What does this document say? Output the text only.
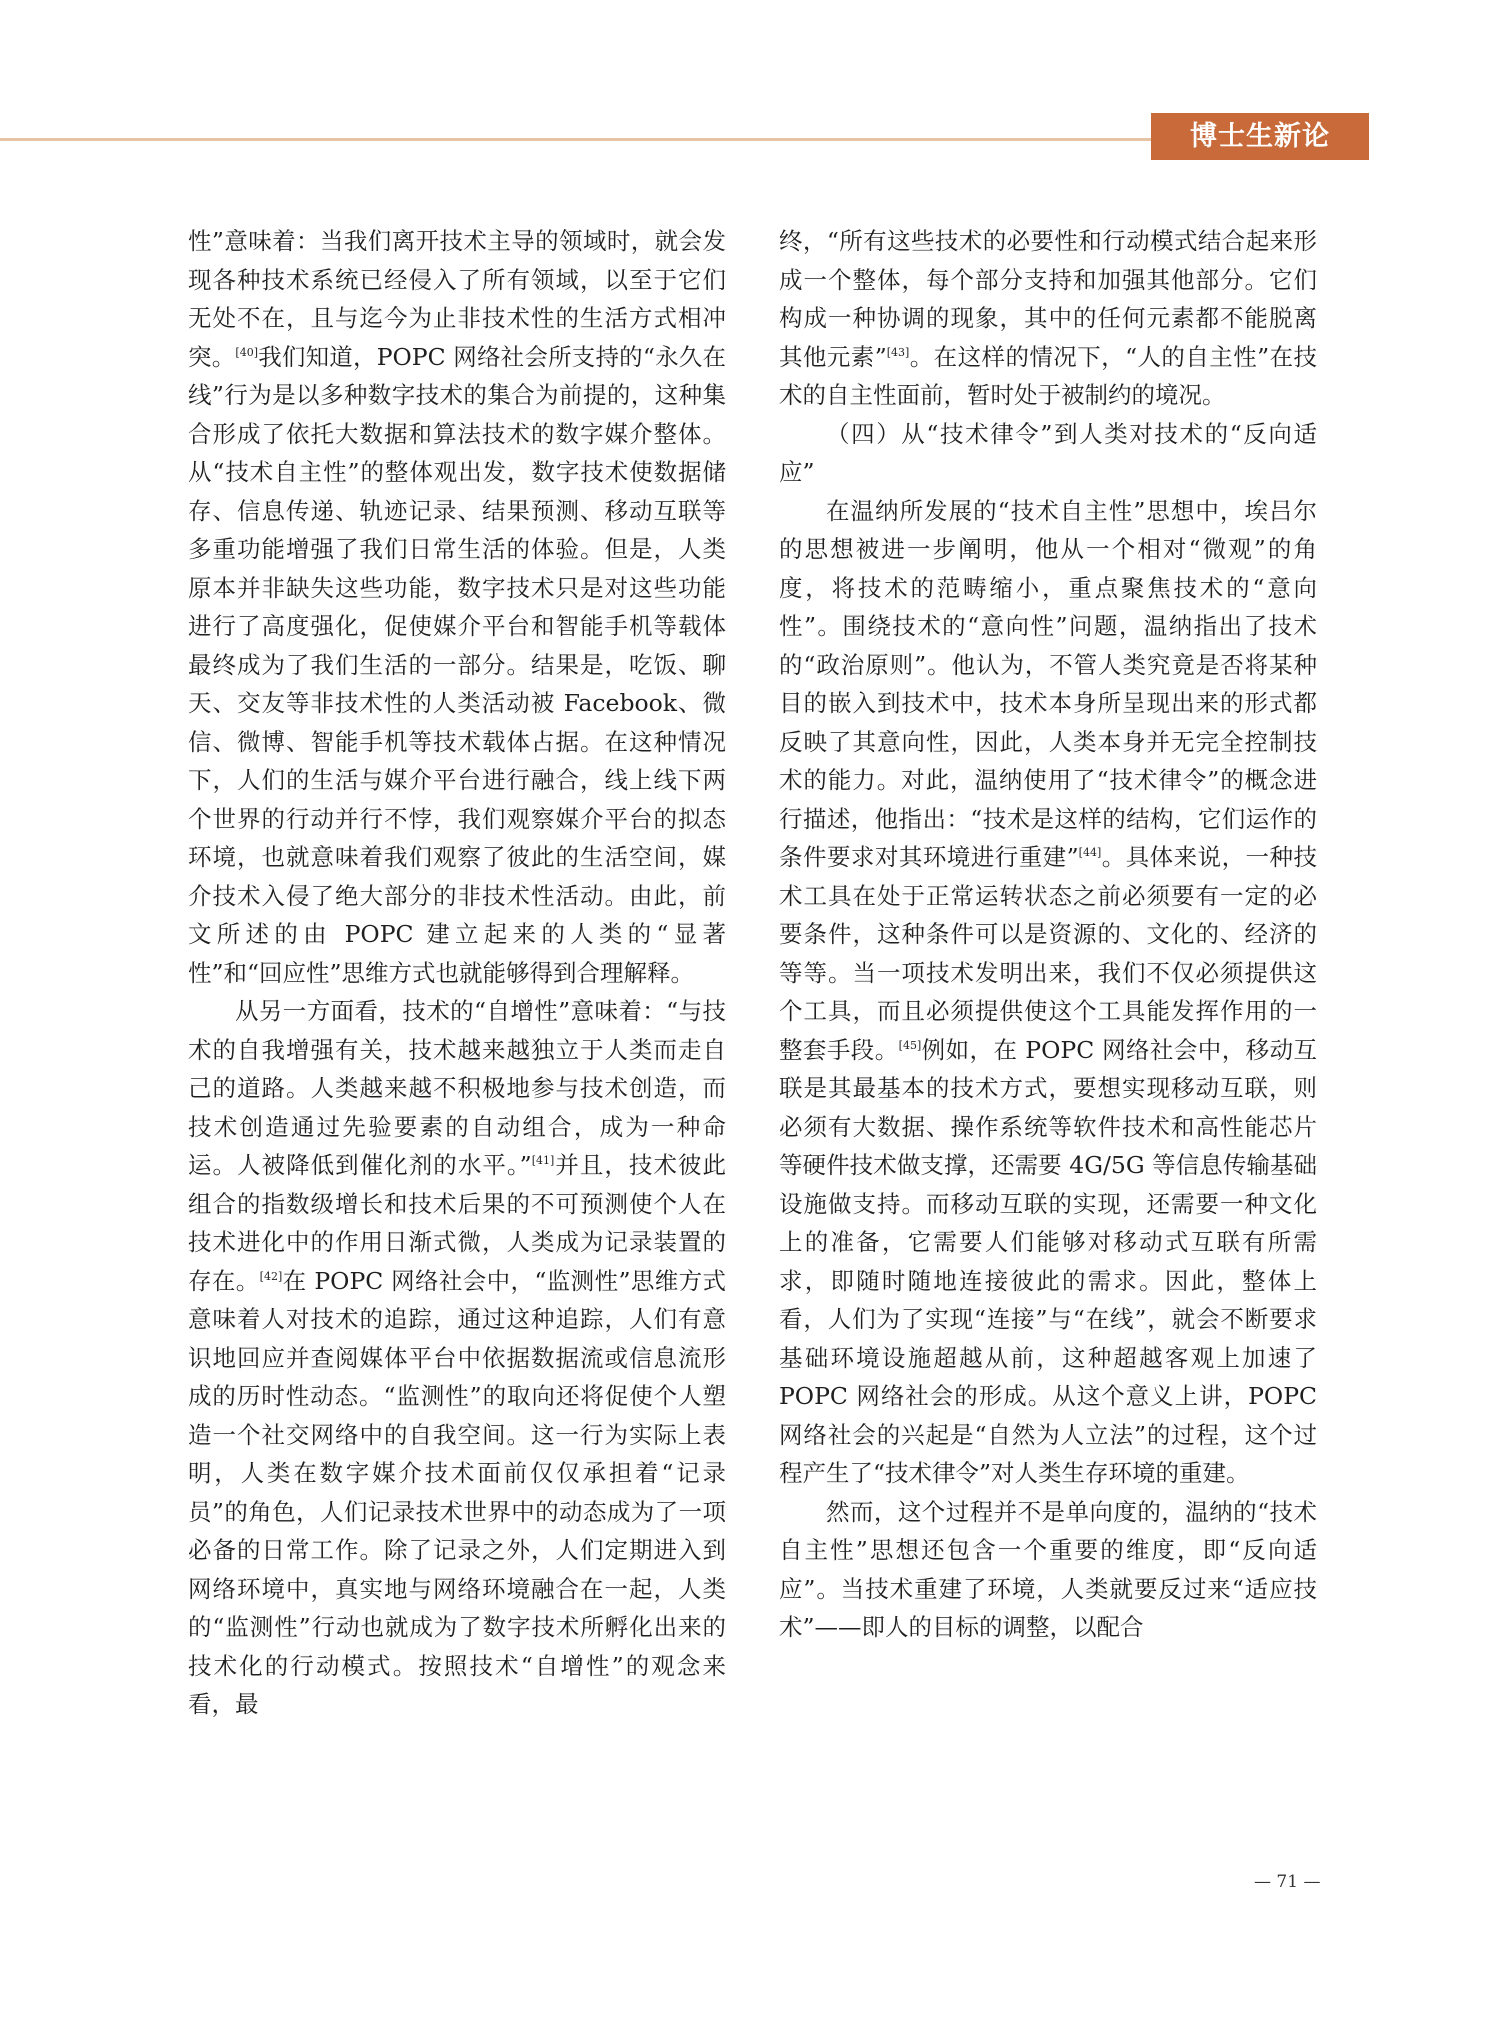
博士生新论

性”意味着：当我们离开技术主导的领域时，就会发现各种技术系统已经侵入了所有领域，以至于它们无处不在，且与迄今为止非技术性的生活方式相冲突。[40]我们知道，POPC 网络社会所支持的“永久在线”行为是以多种数字技术的集合为前提的，这种集合形成了依托大数据和算法技术的数字媒介整体。从“技术自主性”的整体观出发，数字技术使数据储存、信息传递、轨迹记录、结果预测、移动互联等多重功能增强了我们日常生活的体验。但是，人类原本并非缺失这些功能，数字技术只是对这些功能进行了高度强化，促使媒介平台和智能手机等载体最终成为了我们生活的一部分。结果是，吃饭、聊天、交友等非技术性的人类活动被 Facebook、微信、微博、智能手机等技术载体占据。在这种情况下，人们的生活与媒介平台进行融合，线上线下两个世界的行动并行不悖，我们观察媒介平台的拟态环境，也就意味着我们观察了彼此的生活空间，媒介技术入侵了绝大部分的非技术性活动。由此，前文所述的由 POPC 建立起来的人类的“显著性”和“回应性”思维方式也就能够得到合理解释。

从另一方面看，技术的“自增性”意味着：“与技术的自我增强有关，技术越来越独立于人类而走自己的道路。人类越来越不积极地参与技术创造，而技术创造通过先验要素的自动组合，成为一种命运。人被降低到催化剂的水平。”[41]并且，技术彼此组合的指数级增长和技术后果的不可预测使个人在技术进化中的作用日渐式微，人类成为记录装置的存在。[42]在 POPC 网络社会中，“监测性”思维方式意味着人对技术的追踪，通过这种追踪，人们有意识地回应并查阅媒体平台中依据数据流或信息流形成的历时性动态。“监测性”的取向还将促使个人塑造一个社交网络中的自我空间。这一行为实际上表明，人类在数字媒介技术面前仅仅承担着“记录员”的角色，人们记录技术世界中的动态成为了一项必备的日常工作。除了记录之外，人们定期进入到网络环境中，真实地与网络环境融合在一起，人类的“监测性”行动也就成为了数字技术所孵化出来的技术化的行动模式。按照技术“自增性”的观念来看，最

终，“所有这些技术的必要性和行动模式结合起来形成一个整体，每个部分支持和加强其他部分。它们构成一种协调的现象，其中的任何元素都不能脱离其他元素”[43]。在这样的情况下，“人的自主性”在技术的自主性面前，暂时处于被制约的境况。

（四）从“技术律令”到人类对技术的“反向适应”

在温纳所发展的“技术自主性”思想中，埃吕尔的思想被进一步阐明，他从一个相对“微观”的角度，将技术的范畴缩小，重点聚焦技术的“意向性”。围绕技术的“意向性”问题，温纳指出了技术的“政治原则”。他认为，不管人类究竟是否将某种目的嵌入到技术中，技术本身所呈现出来的形式都反映了其意向性，因此，人类本身并无完全控制技术的能力。对此，温纳使用了“技术律令”的概念进行描述，他指出：“技术是这样的结构，它们运作的条件要求对其环境进行重建”[44]。具体来说，一种技术工具在处于正常运转状态之前必须要有一定的必要条件，这种条件可以是资源的、文化的、经济的等等。当一项技术发明出来，我们不仅必须提供这个工具，而且必须提供使这个工具能发挥作用的一整套手段。[45]例如，在 POPC 网络社会中，移动互联是其最基本的技术方式，要想实现移动互联，则必须有大数据、操作系统等软件技术和高性能芯片等硬件技术做支撑，还需要 4G/5G 等信息传输基础设施做支持。而移动互联的实现，还需要一种文化上的准备，它需要人们能够对移动式互联有所需求，即随时随地连接彼此的需求。因此，整体上看，人们为了实现“连接”与“在线”，就会不断要求基础环境设施超越从前，这种超越客观上加速了 POPC 网络社会的形成。从这个意义上讲，POPC 网络社会的兴起是“自然为人立法”的过程，这个过程产生了“技术律令”对人类生存环境的重建。

然而，这个过程并不是单向度的，温纳的“技术自主性”思想还包含一个重要的维度，即“反向适应”。当技术重建了环境，人类就要反过来“适应技术”——即人的目标的调整，以配合

— 71 —
